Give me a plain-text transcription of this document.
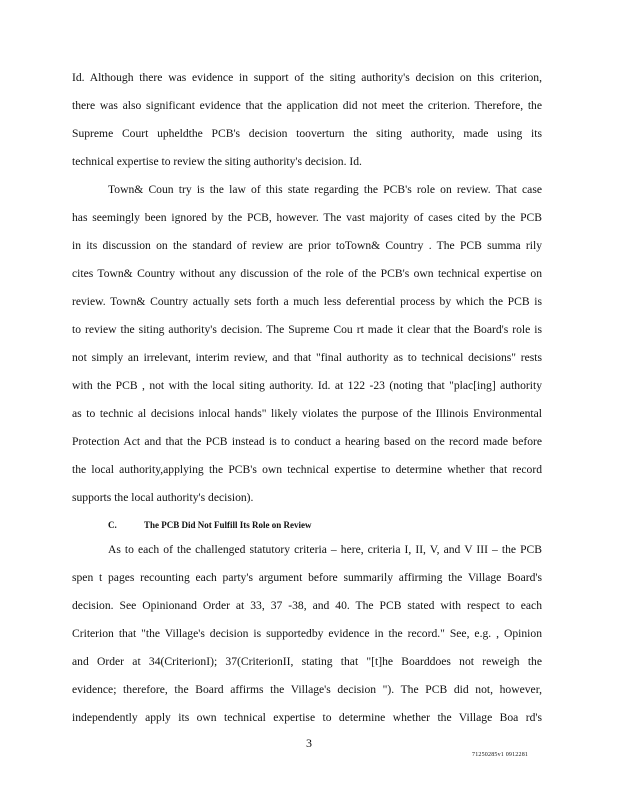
Id. Although there was evidence in support of the siting authority's decision on this criterion,
there was also significant evidence that the application did not meet the criterion. Therefore, the
Supreme Court upheldthe PCB's decision tooverturn the siting authority, made using its
technical expertise to review the siting authority's decision. Id.
Town& Coun try is the law of this state regarding the PCB's role on review. That case
has seemingly been ignored by the PCB, however. The vast majority of cases cited by the PCB
in its discussion on the standard of review are prior toTown& Country . The PCB summa rily
cites Town& Country without any discussion of the role of the PCB's own technical expertise on
review. Town& Country actually sets forth a much less deferential process by which the PCB is
to review the siting authority's decision. The Supreme Cou rt made it clear that the Board's role is
not simply an irrelevant, interim review, and that "final authority as to technical decisions" rests
with the PCB , not with the local siting authority. Id. at 122 -23 (noting that "plac[ing] authority
as to technic al decisions inlocal hands" likely violates the purpose of the Illinois Environmental
Protection Act and that the PCB instead is to conduct a hearing based on the record made before
the local authority,applying the PCB's own technical expertise to determine whether that record
supports the local authority's decision).
C.	The PCB Did Not Fulfill Its Role on Review
As to each of the challenged statutory criteria – here, criteria I, II, V, and V III – the PCB
spen t pages recounting each party's argument before summarily affirming the Village Board's
decision. See Opinionand Order at 33, 37 -38, and 40. The PCB stated with respect to each
Criterion that "the Village's decision is supportedby evidence in the record." See, e.g. , Opinion
and Order at 34(CriterionI); 37(CriterionII, stating that "[t]he Boarddoes not reweigh the
evidence; therefore, the Board affirms the Village's decision "). The PCB did not, however,
independently apply its own technical expertise to determine whether the Village Boa rd's
3
71250285v1 0912281
